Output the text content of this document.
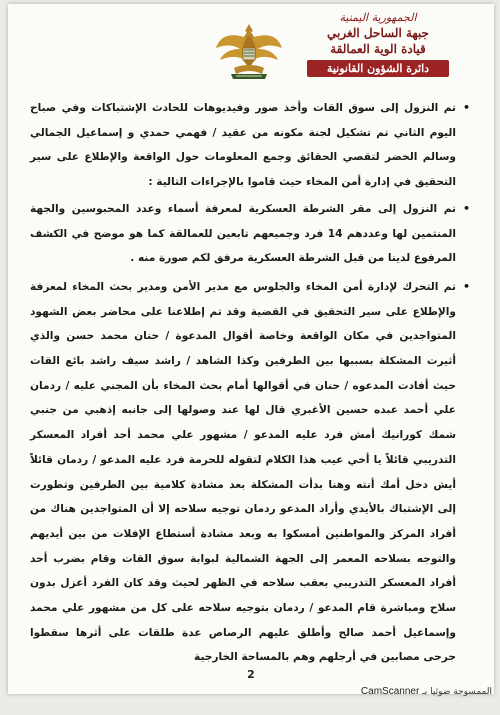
الجمهورية اليمنية
جبهة الساحل الغربي
قيادة الوية العمالقة
دائرة الشؤون القانونية

•
تم النزول إلى سوق القات وأخذ صور وفيديوهات للحادث الإشتباكات وفي صباح اليوم الثاني تم تشكيل لجنة مكونه من عقيد / فهمي حمدي و إسماعيل الجمالي وسالم الخضر لتقصي الحقائق وجمع المعلومات حول الواقعة والإطلاع على سير التحقيق في إدارة أمن المخاء حيث قاموا بالإجراءات التالية :

•
تم النزول إلى مقر الشرطة العسكرية لمعرفة أسماء وعدد المحبوسين والجهة المنتمين لها وعددهم 14 فرد وجميعهم تابعين للعمالقة كما هو موضح في الكشف المرفوع لدينا من قبل الشرطة العسكرية مرفق لكم صورة منه .

•
تم التحرك لإدارة أمن المخاء والجلوس مع مدير الأمن ومدير بحث المخاء لمعرفة والإطلاع على سير التحقيق في القضية وقد تم إطلاعنا على محاضر بعض الشهود المتواجدين في مكان الواقعة وخاصة أقوال المدعوة / حنان محمد حسن والذي أثيرت المشكلة بسببها بين الطرفين وكذا الشاهد / راشد سيف راشد بائع القات حيث أفادت المدعوه / حنان في أقوالها أمام بحث المخاء بأن المجني عليه / ردمان علي أحمد عبده حسين الأغبري قال لها عند وصولها إلى جانبه إذهبي من جنبي شمك كورانيك أمش فرد عليه المدعو / مشهور علي محمد أحد أفراد المعسكر التدريبي قائلاً يا أخي عيب هذا الكلام لتقوله للحرمة فرد عليه المدعو / ردمان قائلاً أيش دخل أمك أنته وهنا بدأت المشكلة بعد مشادة كلامية بين الطرفين وتطورت إلى الإشتباك بالأيدي وأراد المدعو ردمان توجيه سلاحه إلا أن المتواجدين هناك من أفراد المركز والمواطنين أمسكوا به وبعد مشادة أستطاع الإفلات من بين أيديهم والتوجه بسلاحه المعمر إلى الجهة الشمالية لبوابة سوق القات وقام بضرب أحد أفراد المعسكر التدريبي بعقب سلاحه في الظهر لحيث وقد كان الفرد أعزل بدون سلاح ومباشرة قام المدعو / ردمان بتوجيه سلاحه على كل من مشهور علي محمد وإسماعيل أحمد صالح وأطلق عليهم الرصاص عدة طلقات على أثرها سقطوا جرحى مصابين في أرجلهم وهم بالمساحة الخارجية

2
الممسوحة ضوئيا بـ CamScanner
